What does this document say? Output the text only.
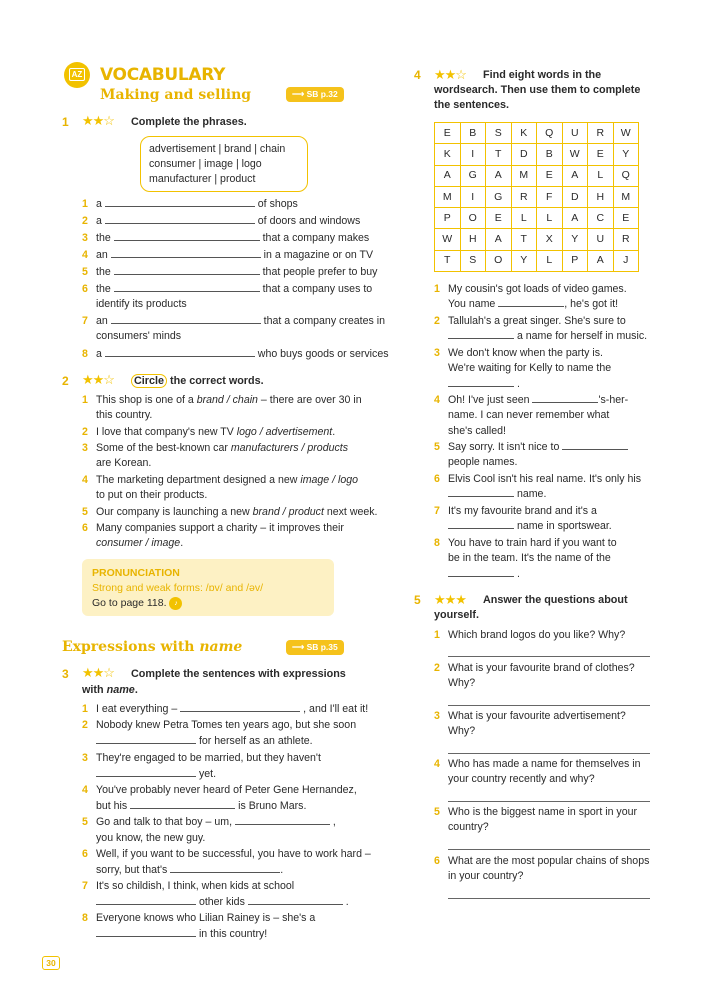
AZ	VOCABULARY
Making and selling	⟶ SB p.32
1 ★★☆ Complete the phrases.
advertisement | brand | chain
consumer | image | logo
manufacturer | product
1 a	of shops
2 a	of doors and windows
3 the	that a company makes
4 an	in a magazine or on TV
5 the	that people prefer to buy
6 the	that a company uses to
identify its products
7 an	that a company creates in
consumers' minds
8 a	who buys goods or services
2 ★★☆ Circle the correct words.
1 This shop is one of a brand / chain – there are over 30 in
this country.
2 I love that company's new TV logo / advertisement.
3 Some of the best-known car manufacturers / products
are Korean.
4 The marketing department designed a new image / logo
to put on their products.
5 Our company is launching a new brand / product next week.
6 Many companies support a charity – it improves their
consumer / image.
PRONUNCIATION
Strong and weak forms: /ɒv/ and /əv/
Go to page 118. ♪
Expressions with name	⟶ SB p.35
3 ★★☆ Complete the sentences with expressions
with name.
1 I eat everything –	, and I'll eat it!
2 Nobody knew Petra Tomes ten years ago, but she soon
for herself as an athlete.
3 They're engaged to be married, but they haven't
yet.
4 You've probably never heard of Peter Gene Hernandez,
but his	is Bruno Mars.
5 Go and talk to that boy – um,	,
you know, the new guy.
6 Well, if you want to be successful, you have to work hard –
sorry, but that's	.
7 It's so childish, I think, when kids at school
other kids	.
8 Everyone knows who Lilian Rainey is – she's a
in this country!
30
4 ★★☆ Find eight words in the
wordsearch. Then use them to complete
the sentences.
E	B	S	K	Q	U	R	W
K	I	T	D	B	W	E	Y
A	G	A	M	E	A	L	Q
M	I	G	R	F	D	H	M
P	O	E	L	L	A	C	E
W	H	A	T	X	Y	U	R
T	S	O	Y	L	P	A	J
1 My cousin's got loads of video games.
You name	, he's got it!
2 Tallulah's a great singer. She's sure to
a name for herself in music.
3 We don't know when the party is.
We're waiting for Kelly to name the
.
4 Oh! I've just seen	's-her-
name. I can never remember what
she's called!
5 Say sorry. It isn't nice to
people names.
6 Elvis Cool isn't his real name. It's only his
name.
7 It's my favourite brand and it's a
name in sportswear.
8 You have to train hard if you want to
be in the team. It's the name of the
.
5 ★★★ Answer the questions about
yourself.
1 Which brand logos do you like? Why?
2 What is your favourite brand of clothes?
Why?
3 What is your favourite advertisement?
Why?
4 Who has made a name for themselves in
your country recently and why?
5 Who is the biggest name in sport in your
country?
6 What are the most popular chains of shops
in your country?
